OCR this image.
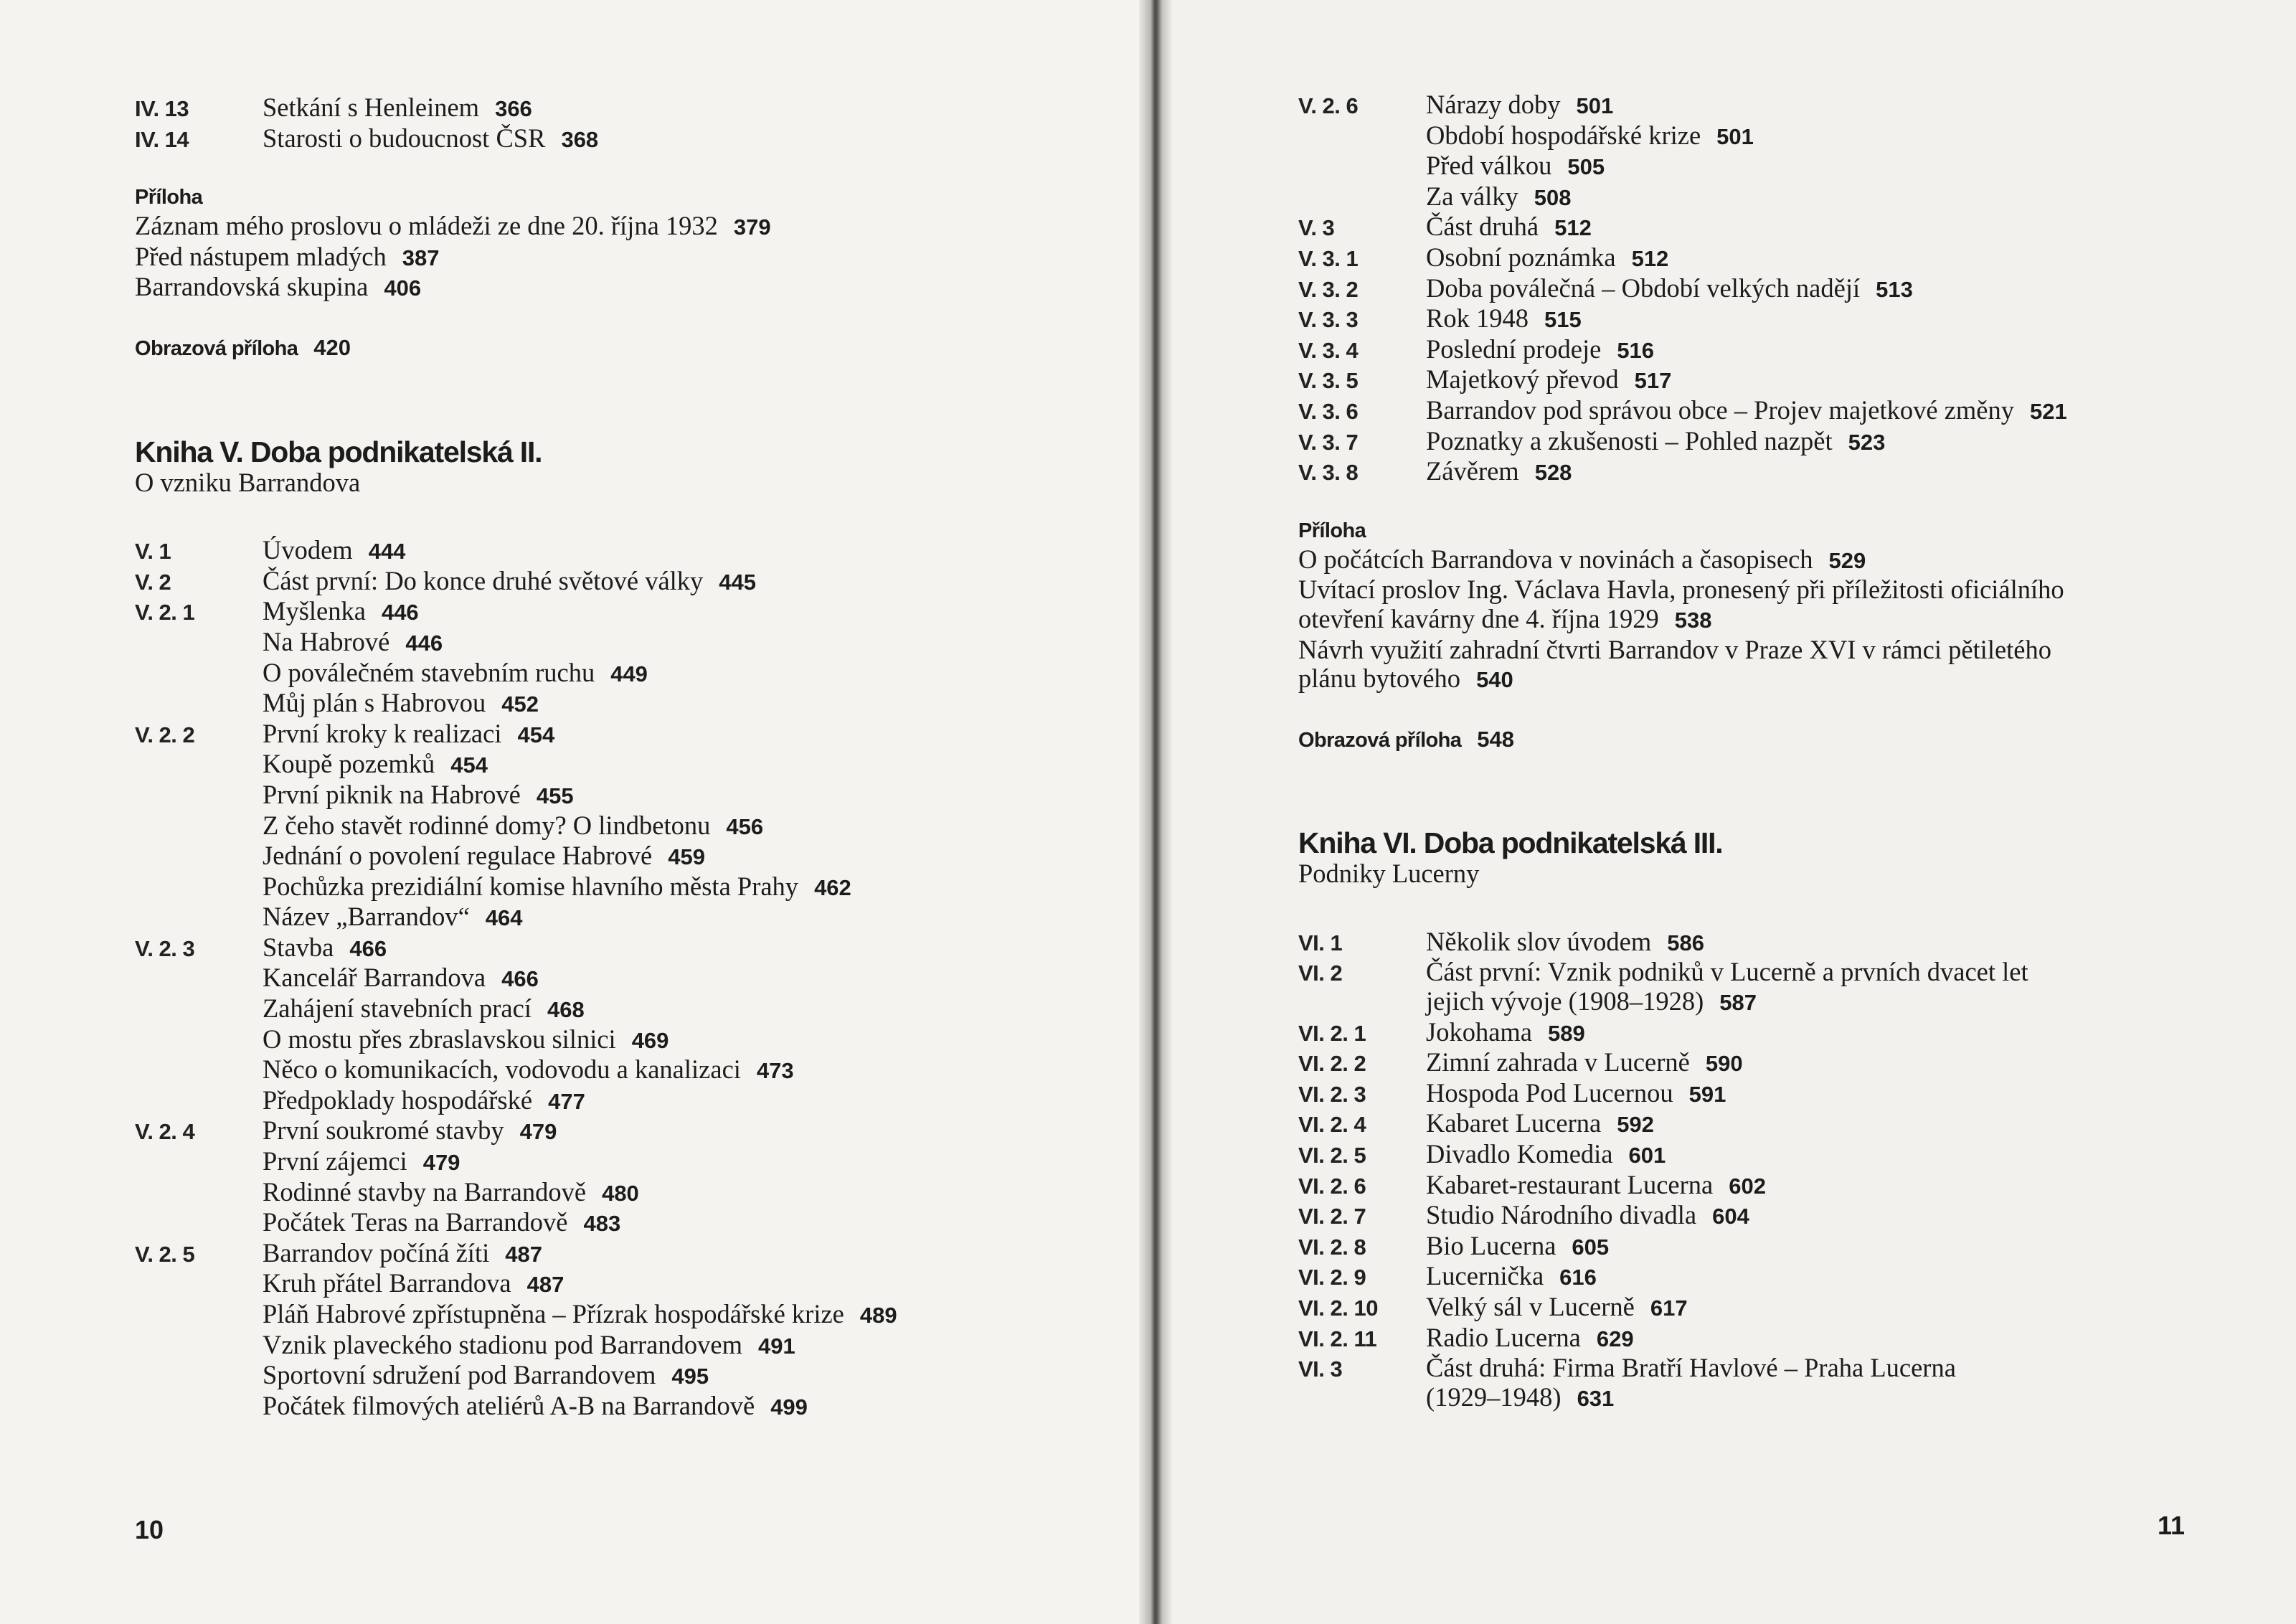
IV. 13	Setkání s Henleinem 366
IV. 14	Starosti o budoucnost ČSR 368
Příloha
Záznam mého proslovu o mládeži ze dne 20. října 1932 379
Před nástupem mladých 387
Barrandovská skupina 406
Obrazová příloha 420
Kniha V. Doba podnikatelská II.
O vzniku Barrandova
V. 1	Úvodem 444
V. 2	Část první: Do konce druhé světové války 445
V. 2. 1	Myšlenka 446
Na Habrové 446
O poválečném stavebním ruchu 449
Můj plán s Habrovou 452
V. 2. 2	První kroky k realizaci 454
Koupě pozemků 454
První piknik na Habrové 455
Z čeho stavět rodinné domy? O lindbetonu 456
Jednání o povolení regulace Habrové 459
Pochůzka prezidiální komise hlavního města Prahy 462
Název „Barrandov“ 464
V. 2. 3	Stavba 466
Kancelář Barrandova 466
Zahájení stavebních prací 468
O mostu přes zbraslavskou silnici 469
Něco o komunikacích, vodovodu a kanalizaci 473
Předpoklady hospodářské 477
V. 2. 4	První soukromé stavby 479
První zájemci 479
Rodinné stavby na Barrandově 480
Počátek Teras na Barrandově 483
V. 2. 5	Barrandov počíná žíti 487
Kruh přátel Barrandova 487
Pláň Habrové zpřístupněna – Přízrak hospodářské krize 489
Vznik plaveckého stadionu pod Barrandovem 491
Sportovní sdružení pod Barrandovem 495
Počátek filmových ateliérů A-B na Barrandově 499
10
V. 2. 6	Nárazy doby 501
Období hospodářské krize 501
Před válkou 505
Za války 508
V. 3	Část druhá 512
V. 3. 1	Osobní poznámka 512
V. 3. 2	Doba poválečná – Období velkých nadějí 513
V. 3. 3	Rok 1948 515
V. 3. 4	Poslední prodeje 516
V. 3. 5	Majetkový převod 517
V. 3. 6	Barrandov pod správou obce – Projev majetkové změny 521
V. 3. 7	Poznatky a zkušenosti – Pohled nazpět 523
V. 3. 8	Závěrem 528
Příloha
O počátcích Barrandova v novinách a časopisech 529
Uvítací proslov Ing. Václava Havla, pronesený při příležitosti oficiálního
otevření kavárny dne 4. října 1929 538
Návrh využití zahradní čtvrti Barrandov v Praze XVI v rámci pětiletého
plánu bytového 540
Obrazová příloha 548
Kniha VI. Doba podnikatelská III.
Podniky Lucerny
VI. 1	Několik slov úvodem 586
VI. 2	Část první: Vznik podniků v Lucerně a prvních dvacet let
jejich vývoje (1908–1928) 587
VI. 2. 1	Jokohama 589
VI. 2. 2	Zimní zahrada v Lucerně 590
VI. 2. 3	Hospoda Pod Lucernou 591
VI. 2. 4	Kabaret Lucerna 592
VI. 2. 5	Divadlo Komedia 601
VI. 2. 6	Kabaret-restaurant Lucerna 602
VI. 2. 7	Studio Národního divadla 604
VI. 2. 8	Bio Lucerna 605
VI. 2. 9	Lucernička 616
VI. 2. 10	Velký sál v Lucerně 617
VI. 2. 11	Radio Lucerna 629
VI. 3	Část druhá: Firma Bratří Havlové – Praha Lucerna
(1929–1948) 631
11
